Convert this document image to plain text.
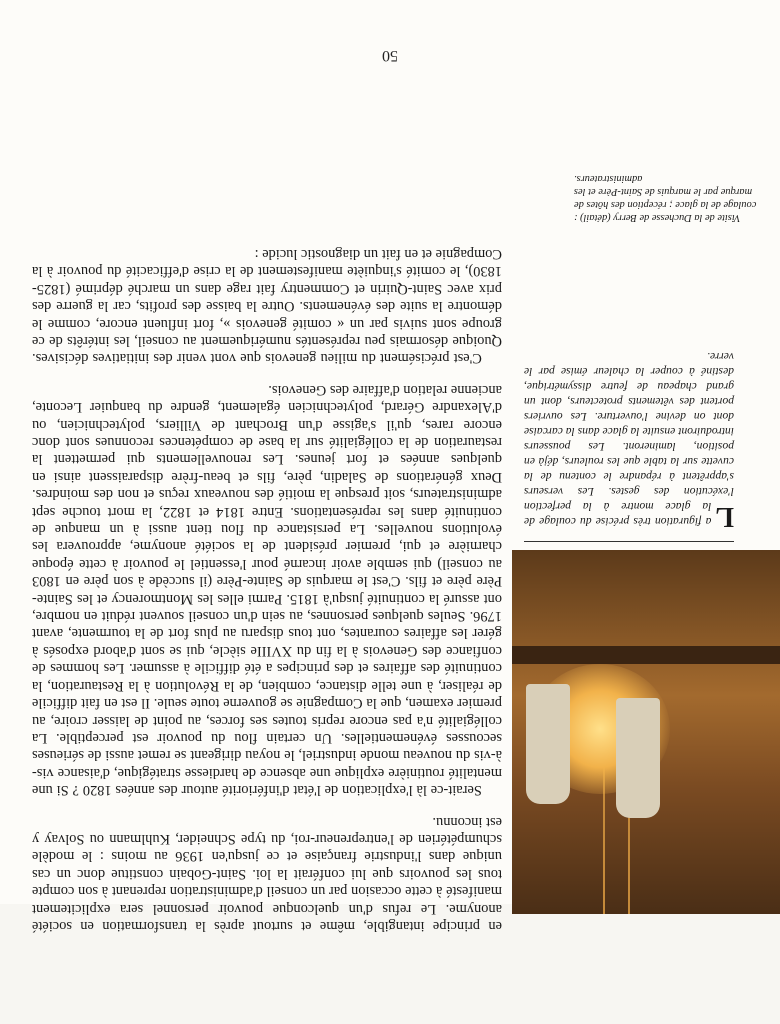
L
a figuration très précise du coulage de la glace montre à la perfection l'exécution des gestes. Les verseurs s'apprêtent à répandre le contenu de la cuvette sur la table que les rouleurs, déjà en position, lamineront. Les pousseurs introduiront ensuite la glace dans la carcaise dont on devine l'ouverture. Les ouvriers portent des vêtements protecteurs, dont un grand chapeau de feutre dissymétrique, destiné à couper la chaleur émise par le verre.
Visite de la Duchesse de Berry (détail) : coulage de la glace ; réception des hôtes de marque par le marquis de Saint-Père et les administrateurs.

en principe intangible, même et surtout après la transformation en société anonyme. Le refus d'un quelconque pouvoir personnel sera explicitement manifesté à cette occasion par un conseil d'administration reprenant à son compte tous les pouvoirs que lui conférait la loi. Saint-Gobain constitue donc un cas unique dans l'industrie française et ce jusqu'en 1936 au moins : le modèle schumpétérien de l'entrepreneur-roi, du type Schneider, Kuhlmann ou Solvay y est inconnu.

Serait-ce là l'explication de l'état d'infériorité autour des années 1820 ? Si une mentalité routinière explique une absence de hardiesse stratégique, d'aisance vis-à-vis du nouveau monde industriel, le noyau dirigeant se remet aussi de sérieuses secousses événementielles. Un certain flou du pouvoir est perceptible. La collégialité n'a pas encore repris toutes ses forces, au point de laisser croire, au premier examen, que la Compagnie se gouverne toute seule. Il est en fait difficile de réaliser, à une telle distance, combien, de la Révolution à la Restauration, la continuité des affaires et des principes a été difficile à assumer. Les hommes de confiance des Genevois à la fin du XVIIIe siècle, qui se sont d'abord exposés à gérer les affaires courantes, ont tous disparu au plus fort de la tourmente, avant 1796. Seules quelques personnes, au sein d'un conseil souvent réduit en nombre, ont assuré la continuité jusqu'à 1815. Parmi elles les Montmorency et les Sainte-Père père et fils. C'est le marquis de Sainte-Père (il succède à son père en 1803 au conseil) qui semble avoir incarné pour l'essentiel le pouvoir à cette époque charnière et qui, premier président de la société anonyme, approuvera les évolutions nouvelles. La persistance du flou tient aussi à un manque de continuité dans les représentations. Entre 1814 et 1822, la mort touche sept administrateurs, soit presque la moitié des nouveaux reçus et non des moindres. Deux générations de Saladin, père, fils et beau-frère disparaissent ainsi en quelques années et fort jeunes. Les renouvellements qui permettent la restauration de la collégialité sur la base de compétences reconnues sont donc encore rares, qu'il s'agisse d'un Brochant de Villiers, polytechnicien, ou d'Alexandre Gérard, polytechnicien également, gendre du banquier Leconte, ancienne relation d'affaire des Genevois.

C'est précisément du milieu genevois que vont venir des initiatives décisives. Quoique désormais peu représentés numériquement au conseil, les intérêts de ce groupe sont suivis par un « comité genevois », fort influent encore, comme le démontre la suite des événements. Outre la baisse des profits, car la guerre des prix avec Saint-Quirin et Commentry fait rage dans un marché déprimé (1825-1830), le comité s'inquiète manifestement de la crise d'efficacité du pouvoir à la Compagnie et en fait un diagnostic lucide :

50
